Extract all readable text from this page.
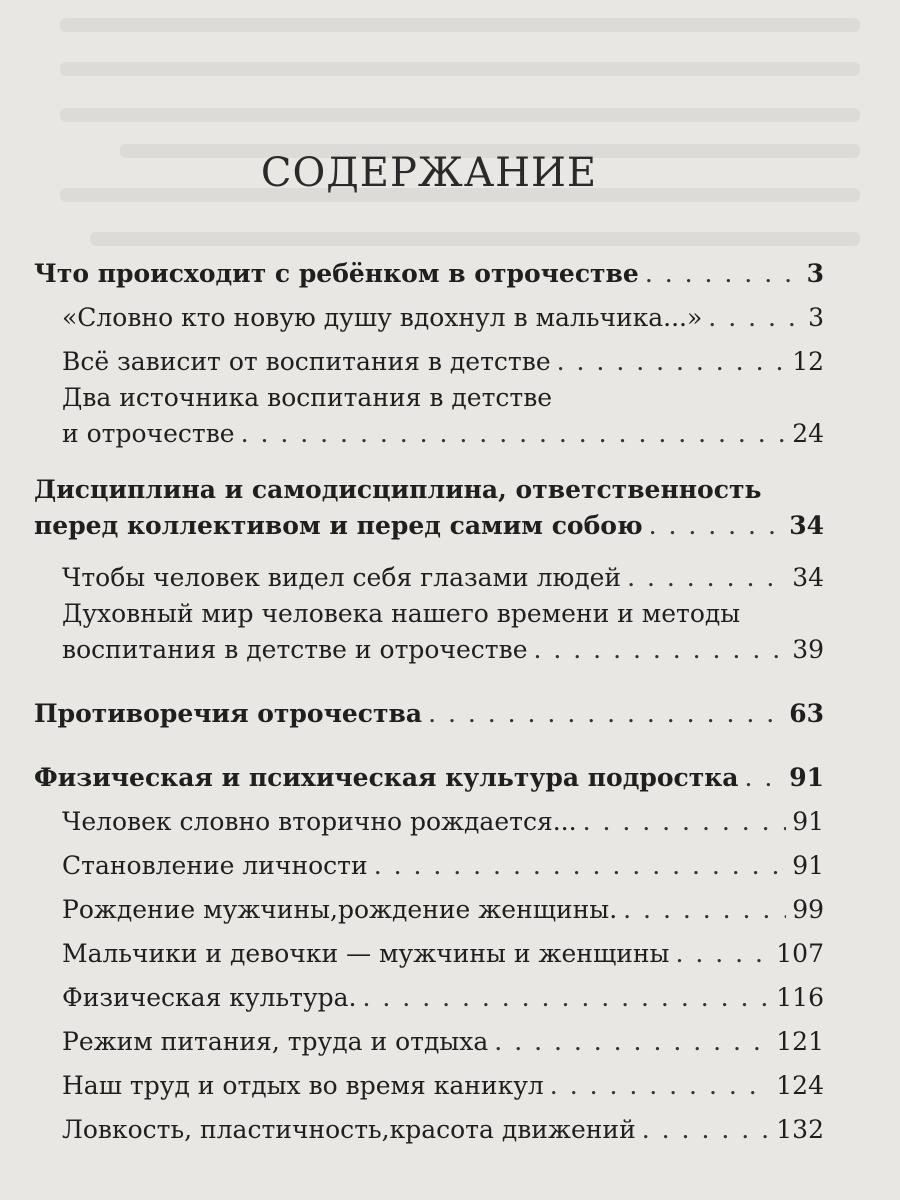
СОДЕРЖАНИЕ
Что происходит с ребёнком в отрочестве . . .	3
«Словно кто новую душу вдохнул в мальчика...» . . .	3
Всё зависит от воспитания в детстве . . .	12
Два источника воспитания в детстве
и отрочестве . . .	24
Дисциплина и самодисциплина, ответственность
перед коллективом и перед самим собою . . .	34
Чтобы человек видел себя глазами людей . . .	34
Духовный мир человека нашего времени и методы
воспитания в детстве и отрочестве . . .	39
Противоречия отрочества . . .	63
Физическая и психическая культура подростка . . . 91
Человек словно вторично рождается... . . .	91
Становление личности . . .	91
Рождение мужчины,рождение женщины. . . .	99
Мальчики и девочки — мужчины и женщины . . .	107
Физическая культура. . . .	116
Режим питания, труда и отдыха . . .	121
Наш труд и отдых во время каникул . . .	124
Ловкость, пластичность,красота движений . . .	132
